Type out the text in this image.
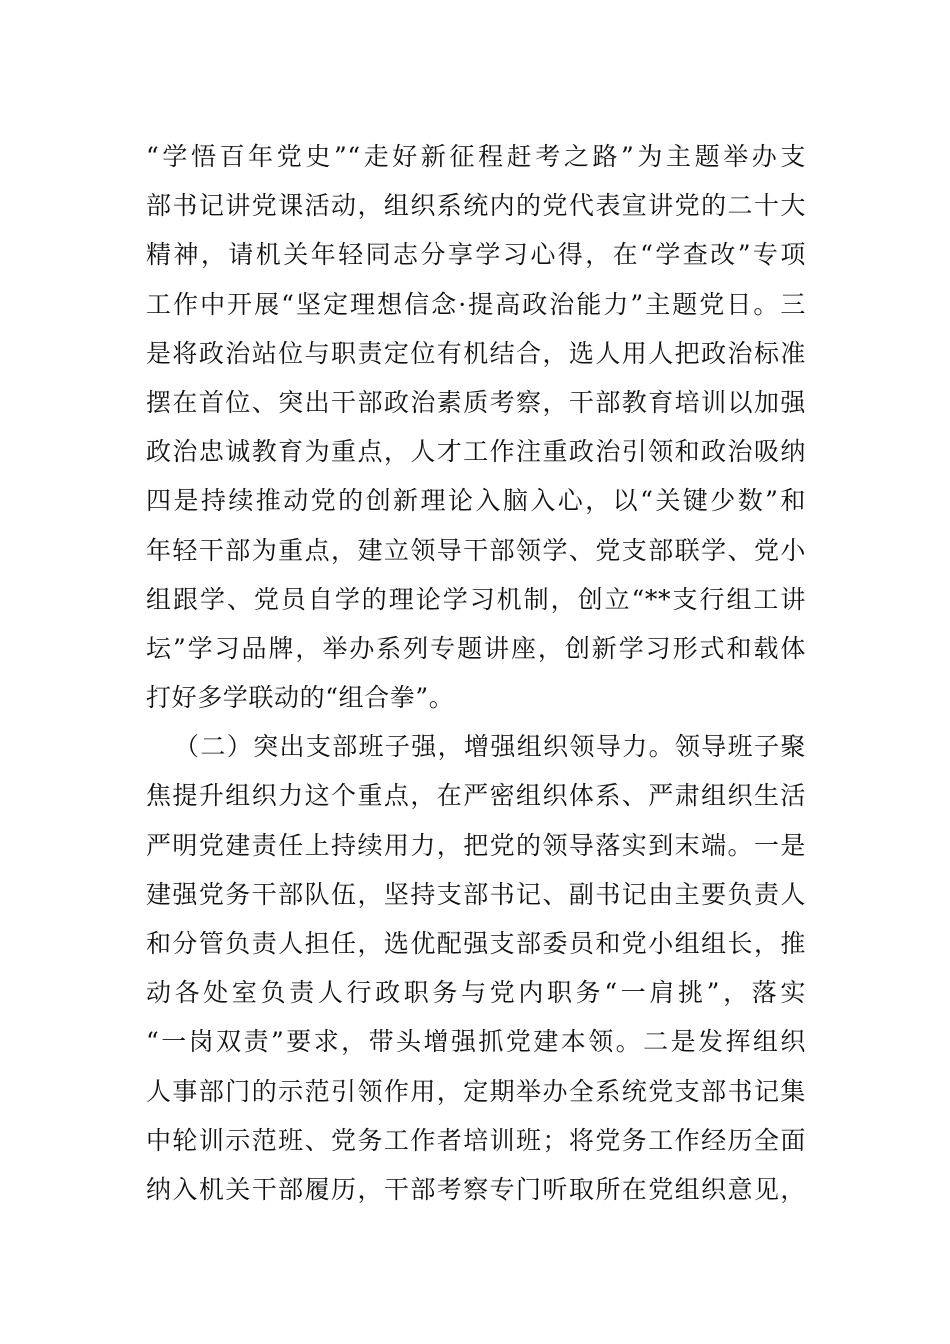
“学悟百年党史”“走好新征程赶考之路”为主题举办支
部书记讲党课活动，组织系统内的党代表宣讲党的二十大
精神，请机关年轻同志分享学习心得，在“学查改”专项
工作中开展“坚定理想信念·提高政治能力”主题党日。三
是将政治站位与职责定位有机结合，选人用人把政治标准
摆在首位、突出干部政治素质考察，干部教育培训以加强
政治忠诚教育为重点，人才工作注重政治引领和政治吸纳
四是持续推动党的创新理论入脑入心，以“关键少数”和
年轻干部为重点，建立领导干部领学、党支部联学、党小
组跟学、党员自学的理论学习机制，创立“**支行组工讲
坛”学习品牌，举办系列专题讲座，创新学习形式和载体
打好多学联动的“组合拳”。
（二）突出支部班子强，增强组织领导力。领导班子聚
焦提升组织力这个重点，在严密组织体系、严肃组织生活
严明党建责任上持续用力，把党的领导落实到末端。一是
建强党务干部队伍，坚持支部书记、副书记由主要负责人
和分管负责人担任，选优配强支部委员和党小组组长，推
动各处室负责人行政职务与党内职务“一肩挑”，落实
“一岗双责”要求，带头增强抓党建本领。二是发挥组织
人事部门的示范引领作用，定期举办全系统党支部书记集
中轮训示范班、党务工作者培训班；将党务工作经历全面
纳入机关干部履历，干部考察专门听取所在党组织意见，
